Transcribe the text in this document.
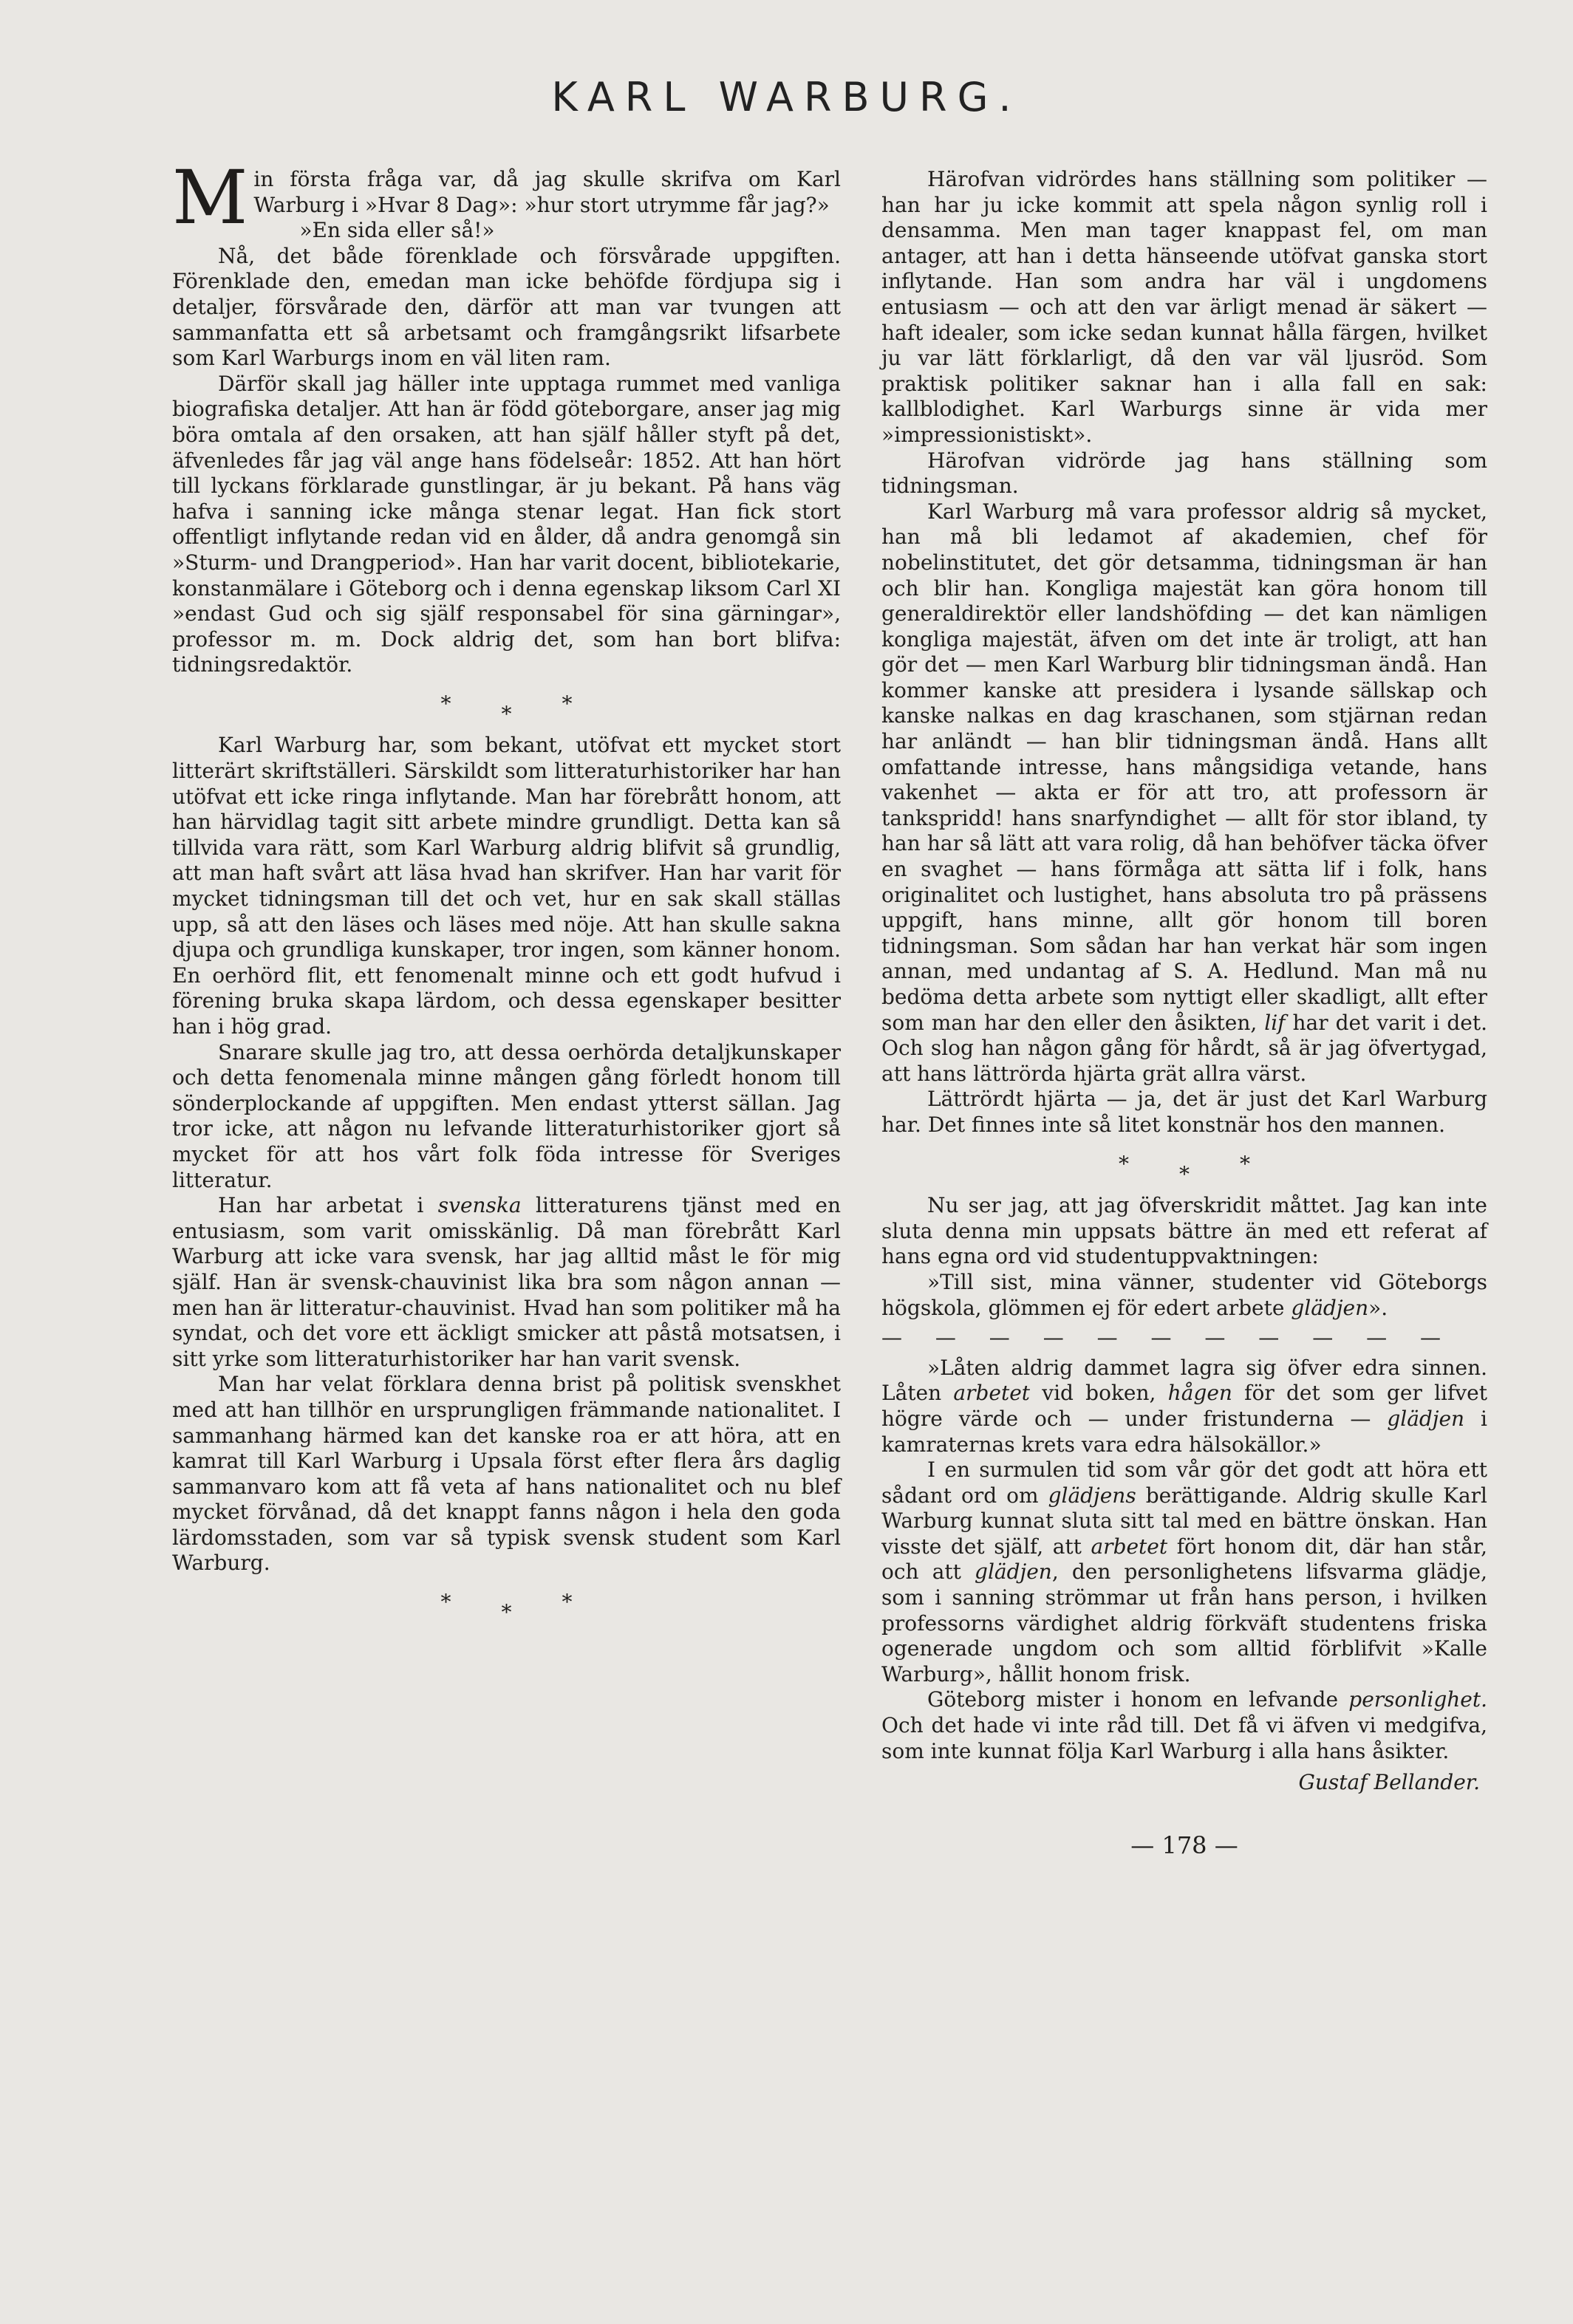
KARL WARBURG.

Min första fråga var, då jag skulle skrifva om Karl Warburg i »Hvar 8 Dag»: »hur stort utrymme får jag?»

»En sida eller så!»

Nå, det både förenklade och försvårade uppgiften. Förenklade den, emedan man icke behöfde fördjupa sig i detaljer, försvårade den, därför att man var tvungen att sammanfatta ett så arbetsamt och framgångsrikt lifsarbete som Karl Warburgs inom en väl liten ram.

Därför skall jag häller inte upptaga rummet med vanliga biografiska detaljer. Att han är född göteborgare, anser jag mig böra omtala af den orsaken, att han själf håller styft på det, äfvenledes får jag väl ange hans födelseår: 1852. Att han hört till lyckans förklarade gunstlingar, är ju bekant. På hans väg hafva i sanning icke många stenar legat. Han fick stort offentligt inflytande redan vid en ålder, då andra genomgå sin »Sturm- und Drangperiod». Han har varit docent, bibliotekarie, konstanmälare i Göteborg och i denna egenskap liksom Carl XI »endast Gud och sig själf responsabel för sina gärningar», professor m. m. Dock aldrig det, som han bort blifva: tidningsredaktör.

* * *

Karl Warburg har, som bekant, utöfvat ett mycket stort litterärt skriftställeri. Särskildt som litteraturhistoriker har han utöfvat ett icke ringa inflytande. Man har förebrått honom, att han härvidlag tagit sitt arbete mindre grundligt. Detta kan så tillvida vara rätt, som Karl Warburg aldrig blifvit så grundlig, att man haft svårt att läsa hvad han skrifver. Han har varit för mycket tidningsman till det och vet, hur en sak skall ställas upp, så att den läses och läses med nöje. Att han skulle sakna djupa och grundliga kunskaper, tror ingen, som känner honom. En oerhörd flit, ett fenomenalt minne och ett godt hufvud i förening bruka skapa lärdom, och dessa egenskaper besitter han i hög grad.

Snarare skulle jag tro, att dessa oerhörda detaljkunskaper och detta fenomenala minne mången gång förledt honom till sönderplockande af uppgiften. Men endast ytterst sällan. Jag tror icke, att någon nu lefvande litteraturhistoriker gjort så mycket för att hos vårt folk föda intresse för Sveriges litteratur.

Han har arbetat i svenska litteraturens tjänst med en entusiasm, som varit omisskänlig. Då man förebrått Karl Warburg att icke vara svensk, har jag alltid måst le för mig själf. Han är svensk-chauvinist lika bra som någon annan — men han är litteratur-chauvinist. Hvad han som politiker må ha syndat, och det vore ett äckligt smicker att påstå motsatsen, i sitt yrke som litteraturhistoriker har han varit svensk.

Man har velat förklara denna brist på politisk svenskhet med att han tillhör en ursprungligen främmande nationalitet. I sammanhang härmed kan det kanske roa er att höra, att en kamrat till Karl Warburg i Upsala först efter flera års daglig sammanvaro kom att få veta af hans nationalitet och nu blef mycket förvånad, då det knappt fanns någon i hela den goda lärdomsstaden, som var så typisk svensk student som Karl Warburg.

* * *

Härofvan vidrördes hans ställning som politiker — han har ju icke kommit att spela någon synlig roll i densamma. Men man tager knappast fel, om man antager, att han i detta hänseende utöfvat ganska stort inflytande. Han som andra har väl i ungdomens entusiasm — och att den var ärligt menad är säkert — haft idealer, som icke sedan kunnat hålla färgen, hvilket ju var lätt förklarligt, då den var väl ljusröd. Som praktisk politiker saknar han i alla fall en sak: kallblodighet. Karl Warburgs sinne är vida mer »impressionistiskt».

Härofvan vidrörde jag hans ställning som tidningsman.

Karl Warburg må vara professor aldrig så mycket, han må bli ledamot af akademien, chef för nobelinstitutet, det gör detsamma, tidningsman är han och blir han. Kongliga majestät kan göra honom till generaldirektör eller landshöfding — det kan nämligen kongliga majestät, äfven om det inte är troligt, att han gör det — men Karl Warburg blir tidningsman ändå. Han kommer kanske att presidera i lysande sällskap och kanske nalkas en dag kraschanen, som stjärnan redan har anländt — han blir tidningsman ändå. Hans allt omfattande intresse, hans mångsidiga vetande, hans vakenhet — akta er för att tro, att professorn är tankspridd! hans snarfyndighet — allt för stor ibland, ty han har så lätt att vara rolig, då han behöfver täcka öfver en svaghet — hans förmåga att sätta lif i folk, hans originalitet och lustighet, hans absoluta tro på prässens uppgift, hans minne, allt gör honom till boren tidningsman. Som sådan har han verkat här som ingen annan, med undantag af S. A. Hedlund. Man må nu bedöma detta arbete som nyttigt eller skadligt, allt efter som man har den eller den åsikten, lif har det varit i det. Och slog han någon gång för hårdt, så är jag öfvertygad, att hans lättrörda hjärta grät allra värst.

Lättrördt hjärta — ja, det är just det Karl Warburg har. Det finnes inte så litet konstnär hos den mannen.

* * *

Nu ser jag, att jag öfverskridit måttet. Jag kan inte sluta denna min uppsats bättre än med ett referat af hans egna ord vid studentuppvaktningen:

»Till sist, mina vänner, studenter vid Göteborgs högskola, glömmen ej för edert arbete glädjen».

— — — — — — — — — — —

»Låten aldrig dammet lagra sig öfver edra sinnen. Låten arbetet vid boken, hågen för det som ger lifvet högre värde och — under fristunderna — glädjen i kamraternas krets vara edra hälsokällor.»

I en surmulen tid som vår gör det godt att höra ett sådant ord om glädjens berättigande. Aldrig skulle Karl Warburg kunnat sluta sitt tal med en bättre önskan. Han visste det själf, att arbetet fört honom dit, där han står, och att glädjen, den personlighetens lifsvarma glädje, som i sanning strömmar ut från hans person, i hvilken professorns värdighet aldrig förkväft studentens friska ogenerade ungdom och som alltid förblifvit »Kalle Warburg», hållit honom frisk.

Göteborg mister i honom en lefvande personlighet. Och det hade vi inte råd till. Det få vi äfven vi medgifva, som inte kunnat följa Karl Warburg i alla hans åsikter.

Gustaf Bellander.
— 178 —
